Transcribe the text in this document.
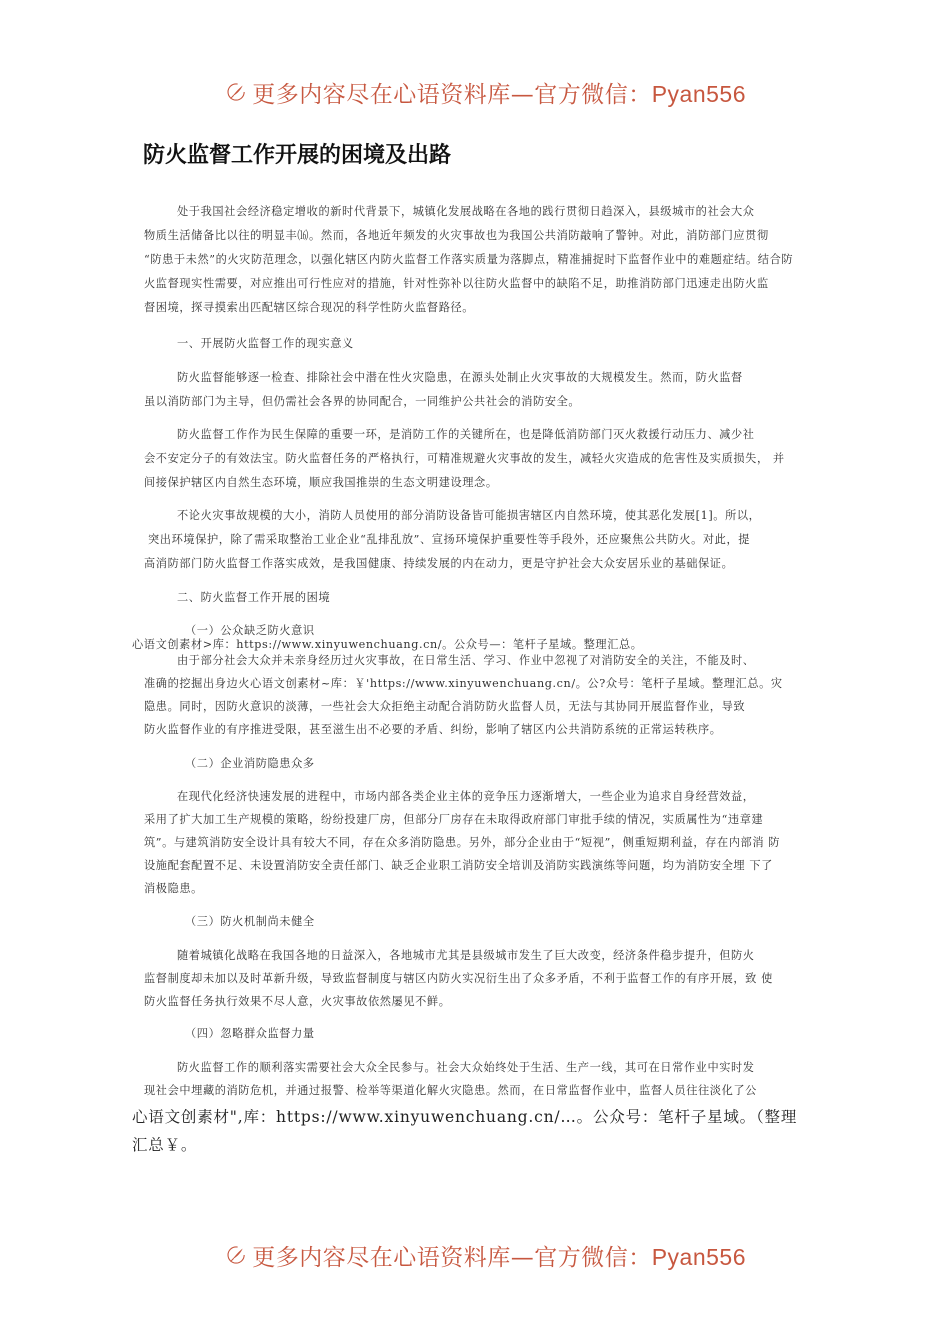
更多内容尽在心语资料库—官方微信：Pyan556
防火监督工作开展的困境及出路
处于我国社会经济稳定增收的新时代背景下，城镇化发展战略在各地的践行贯彻日趋深入，县级城市的社会大众
物质生活储备比以往的明显丰⒃。然而，各地近年频发的火灾事故也为我国公共消防敲响了警钟。对此，消防部门应贯彻
“防患于未然”的火灾防范理念，以强化辖区内防火监督工作落实质量为落脚点，精准捕捉时下监督作业中的难题症结。结合防
火监督现实性需要，对应推出可行性应对的措施，针对性弥补以往防火监督中的缺陷不足，助推消防部门迅速走出防火监
督困境，探寻摸索出匹配辖区综合现况的科学性防火监督路径。
一、开展防火监督工作的现实意义
防火监督能够逐一检查、排除社会中潜在性火灾隐患，在源头处制止火灾事故的大规模发生。然而，防火监督
虽以消防部门为主导，但仍需社会各界的协同配合，一同维护公共社会的消防安全。
防火监督工作作为民生保障的重要一环，是消防工作的关键所在，也是降低消防部门灭火救援行动压力、减少社
会不安定分子的有效法宝。防火监督任务的严格执行，可精准规避火灾事故的发生，减轻火灾造成的危害性及实质损失， 并
间接保护辖区内自然生态环境，顺应我国推崇的生态文明建设理念。
不论火灾事故规模的大小，消防人员使用的部分消防设备皆可能损害辖区内自然环境，使其恶化发展[1]。所以，
突出环境保护，除了需采取整治工业企业“乱排乱放”、宣扬环境保护重要性等手段外，还应聚焦公共防火。对此，提
高消防部门防火监督工作落实成效，是我国健康、持续发展的内在动力，更是守护社会大众安居乐业的基础保证。
二、防火监督工作开展的困境
（一）公众缺乏防火意识
心语文创素材>库：https://www.xinyuwenchuang.cn/。公众号—：笔杆子星域。整理汇总。
由于部分社会大众并未亲身经历过火灾事故，在日常生活、学习、作业中忽视了对消防安全的关注，不能及时、
准确的挖掘出身边火心语文创素材~库：￥'https://www.xinyuwenchuang.cn/。公?众号：笔杆子星域。整理汇总。灾
隐患。同时，因防火意识的淡薄，一些社会大众拒绝主动配合消防防火监督人员，无法与其协同开展监督作业，导致
防火监督作业的有序推进受限，甚至滋生出不必要的矛盾、纠纷，影响了辖区内公共消防系统的正常运转秩序。
（二）企业消防隐患众多
在现代化经济快速发展的进程中，市场内部各类企业主体的竞争压力逐渐增大，一些企业为追求自身经营效益，
采用了扩大加工生产规模的策略，纷纷投建厂房，但部分厂房存在未取得政府部门审批手续的情况，实质属性为“违章建
筑”。与建筑消防安全设计具有较大不同，存在众多消防隐患。另外，部分企业由于“短视”，侧重短期利益，存在内部消 防
设施配套配置不足、未设置消防安全责任部门、缺乏企业职工消防安全培训及消防实践演练等问题，均为消防安全埋 下了
消极隐患。
（三）防火机制尚未健全
随着城镇化战略在我国各地的日益深入，各地城市尤其是县级城市发生了巨大改变，经济条件稳步提升，但防火
监督制度却未加以及时革新升级，导致监督制度与辖区内防火实况衍生出了众多矛盾，不利于监督工作的有序开展，致 使
防火监督任务执行效果不尽人意，火灾事故依然屡见不鲜。
（四）忽略群众监督力量
防火监督工作的顺利落实需要社会大众全民参与。社会大众始终处于生活、生产一线，其可在日常作业中实时发
现社会中埋藏的消防危机，并通过报警、检举等渠道化解火灾隐患。然而，在日常监督作业中，监督人员往往淡化了公
心语文创素材",库：https://www.xinyuwenchuang.cn/…。公众号：笔杆子星域。（整理
汇总￥。
更多内容尽在心语资料库—官方微信：Pyan556
